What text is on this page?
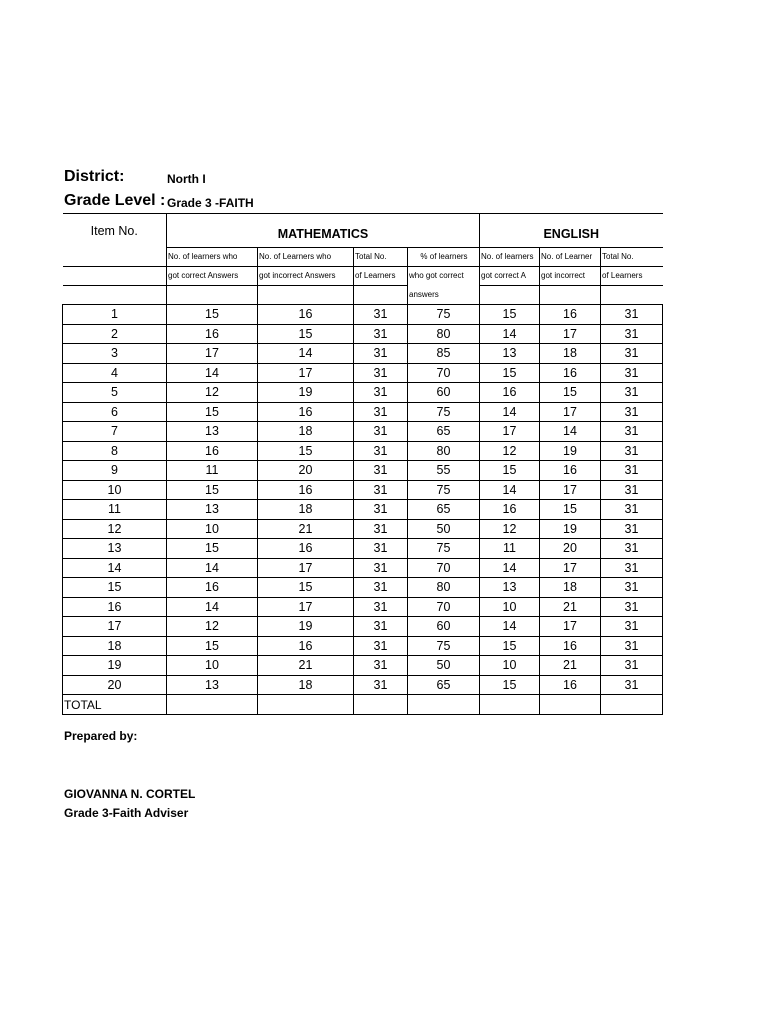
District:	North I
Grade Level : Grade 3 -FAITH
Item No.	MATHEMATICS				ENGLISH		
	No. of learners who	No. of Learners who	Total No.	% of learners	No. of learners	No. of Learner	Total No.
	got correct Answers	got incorrect Answers	of Learners	who got correct	got correct A	got incorrect	of Learners
				answers			
1	15	16	31	75	15	16	31
2	16	15	31	80	14	17	31
3	17	14	31	85	13	18	31
4	14	17	31	70	15	16	31
5	12	19	31	60	16	15	31
6	15	16	31	75	14	17	31
7	13	18	31	65	17	14	31
8	16	15	31	80	12	19	31
9	11	20	31	55	15	16	31
10	15	16	31	75	14	17	31
11	13	18	31	65	16	15	31
12	10	21	31	50	12	19	31
13	15	16	31	75	11	20	31
14	14	17	31	70	14	17	31
15	16	15	31	80	13	18	31
16	14	17	31	70	10	21	31
17	12	19	31	60	14	17	31
18	15	16	31	75	15	16	31
19	10	21	31	50	10	21	31
20	13	18	31	65	15	16	31
TOTAL							
Prepared by:
GIOVANNA N. CORTEL
Grade 3-Faith Adviser
